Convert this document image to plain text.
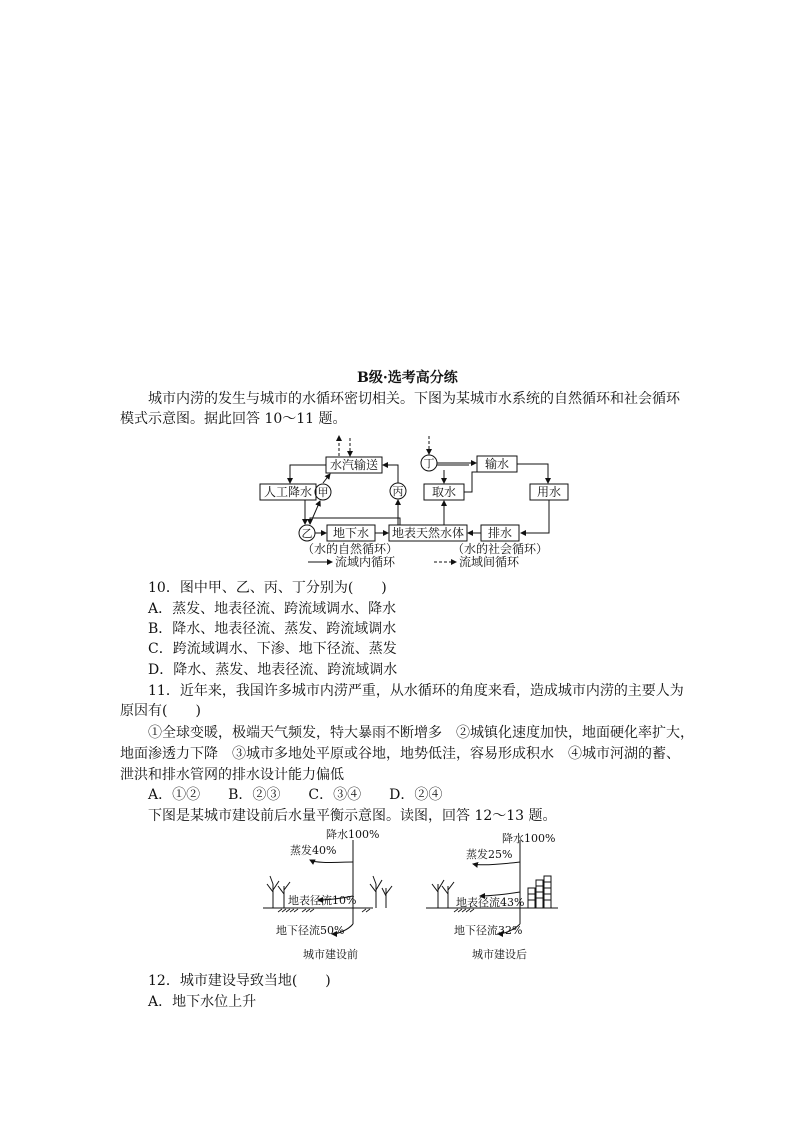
B级·选考高分练
城市内涝的发生与城市的水循环密切相关。下图为某城市水系统的自然循环和社会循环
模式示意图。据此回答 10～11 题。
水汽输送
人工降水 甲
乙 地下水 地表天然水体
丙
丁
取水
输水
用水
排水
（水的自然循环）	（水的社会循环）
流域内循环	流域间循环
10．图中甲、乙、丙、丁分别为(　　)
A．蒸发、地表径流、跨流域调水、降水
B．降水、地表径流、蒸发、跨流域调水
C．跨流域调水、下渗、地下径流、蒸发
D．降水、蒸发、地表径流、跨流域调水
11．近年来，我国许多城市内涝严重，从水循环的角度来看，造成城市内涝的主要人为
原因有(　　)
①全球变暖，极端天气频发，特大暴雨不断增多　②城镇化速度加快，地面硬化率扩大，
地面渗透力下降　③城市多地处平原或谷地，地势低洼，容易形成积水　④城市河湖的蓄、
泄洪和排水管网的排水设计能力偏低
A．①②　　B．②③　　C．③④　　D．②④
下图是某城市建设前后水量平衡示意图。读图，回答 12～13 题。
降水100%
蒸发40%
地表径流10%
地下径流50%
城市建设前
降水100%
蒸发25%
地表径流43%
地下径流32%
城市建设后
12．城市建设导致当地(　　)
A．地下水位上升
